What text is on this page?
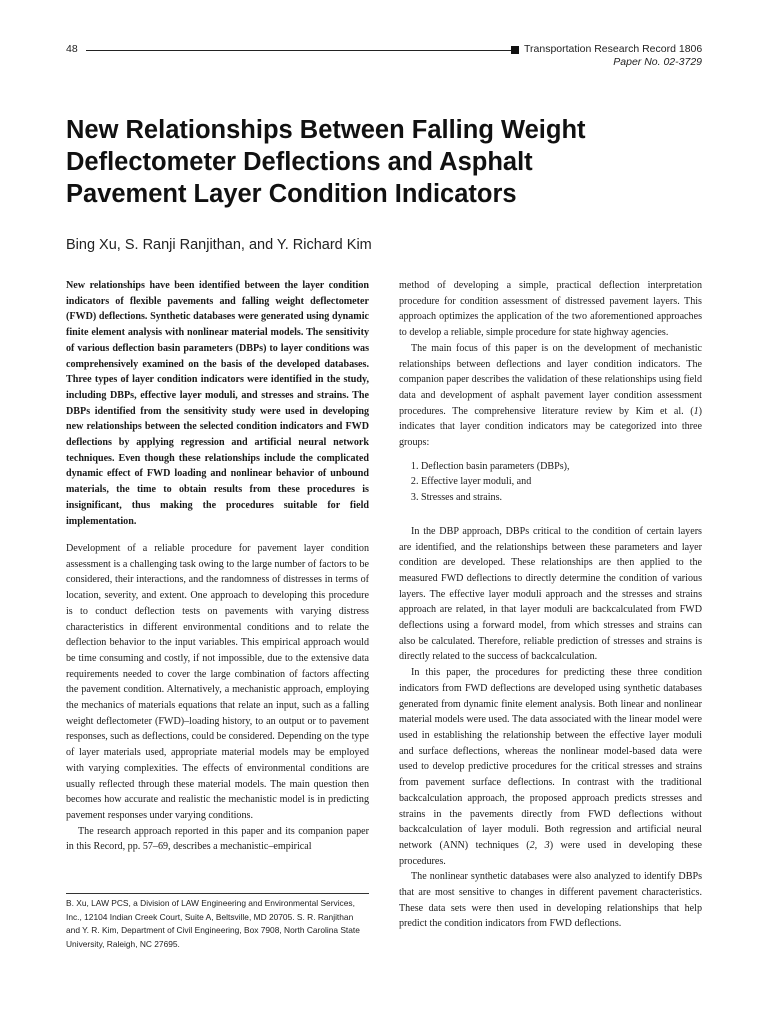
48	Transportation Research Record 1806
Paper No. 02-3729
New Relationships Between Falling Weight
Deflectometer Deflections and Asphalt
Pavement Layer Condition Indicators
Bing Xu, S. Ranji Ranjithan, and Y. Richard Kim
New relationships have been identified between the layer condition indicators of flexible pavements and falling weight deflectometer (FWD) deflections. Synthetic databases were generated using dynamic finite element analysis with nonlinear material models. The sensitivity of various deflection basin parameters (DBPs) to layer conditions was comprehensively examined on the basis of the developed databases. Three types of layer condition indicators were identified in the study, including DBPs, effective layer moduli, and stresses and strains. The DBPs identified from the sensitivity study were used in developing new relationships between the selected condition indicators and FWD deflections by applying regression and artificial neural network techniques. Even though these relationships include the complicated dynamic effect of FWD loading and nonlinear behavior of unbound materials, the time to obtain results from these procedures is insignificant, thus making the procedures suitable for field implementation.

Development of a reliable procedure for pavement layer condition assessment is a challenging task owing to the large number of factors to be considered, their interactions, and the randomness of distresses in terms of location, severity, and extent. One approach to developing this procedure is to conduct deflection tests on pavements with varying distress characteristics in different environmental conditions and to relate the deflection behavior to the input variables. This empirical approach would be time consuming and costly, if not impossible, due to the extensive data requirements needed to cover the large combination of factors affecting the pavement condition. Alternatively, a mechanistic approach, employing the mechanics of materials equations that relate an input, such as a falling weight deflectometer (FWD)–loading history, to an output or to pavement responses, such as deflections, could be considered. Depending on the type of layer materials used, appropriate material models may be employed with varying complexities. The effects of environmental conditions are usually reflected through these material models. The main question then becomes how accurate and realistic the mechanistic model is in predicting pavement responses under varying conditions.

The research approach reported in this paper and its companion paper in this Record, pp. 57–69, describes a mechanistic–empirical

B. Xu, LAW PCS, a Division of LAW Engineering and Environmental Services, Inc., 12104 Indian Creek Court, Suite A, Beltsville, MD 20705. S. R. Ranjithan and Y. R. Kim, Department of Civil Engineering, Box 7908, North Carolina State University, Raleigh, NC 27695.

method of developing a simple, practical deflection interpretation procedure for condition assessment of distressed pavement layers. This approach optimizes the application of the two aforementioned approaches to develop a reliable, simple procedure for state highway agencies.

The main focus of this paper is on the development of mechanistic relationships between deflections and layer condition indicators. The companion paper describes the validation of these relationships using field data and development of asphalt pavement layer condition assessment procedures. The comprehensive literature review by Kim et al. (1) indicates that layer condition indicators may be categorized into three groups:

1. Deflection basin parameters (DBPs),
2. Effective layer moduli, and
3. Stresses and strains.

In the DBP approach, DBPs critical to the condition of certain layers are identified, and the relationships between these parameters and layer condition are developed. These relationships are then applied to the measured FWD deflections to directly determine the condition of various layers. The effective layer moduli approach and the stresses and strains approach are related, in that layer moduli are backcalculated from FWD deflections using a forward model, from which stresses and strains can also be calculated. Therefore, reliable prediction of stresses and strains is directly related to the success of backcalculation.

In this paper, the procedures for predicting these three condition indicators from FWD deflections are developed using synthetic databases generated from dynamic finite element analysis. Both linear and nonlinear material models were used. The data associated with the linear model were used in establishing the relationship between the effective layer moduli and surface deflections, whereas the nonlinear model-based data were used to develop predictive procedures for the critical stresses and strains from pavement surface deflections. In contrast with the traditional backcalculation approach, the proposed approach predicts stresses and strains in the pavements directly from FWD deflections without backcalculation of layer moduli. Both regression and artificial neural network (ANN) techniques (2, 3) were used in developing these procedures.

The nonlinear synthetic databases were also analyzed to identify DBPs that are most sensitive to changes in different pavement characteristics. These data sets were then used in developing relationships that help predict the condition indicators from FWD deflections.
